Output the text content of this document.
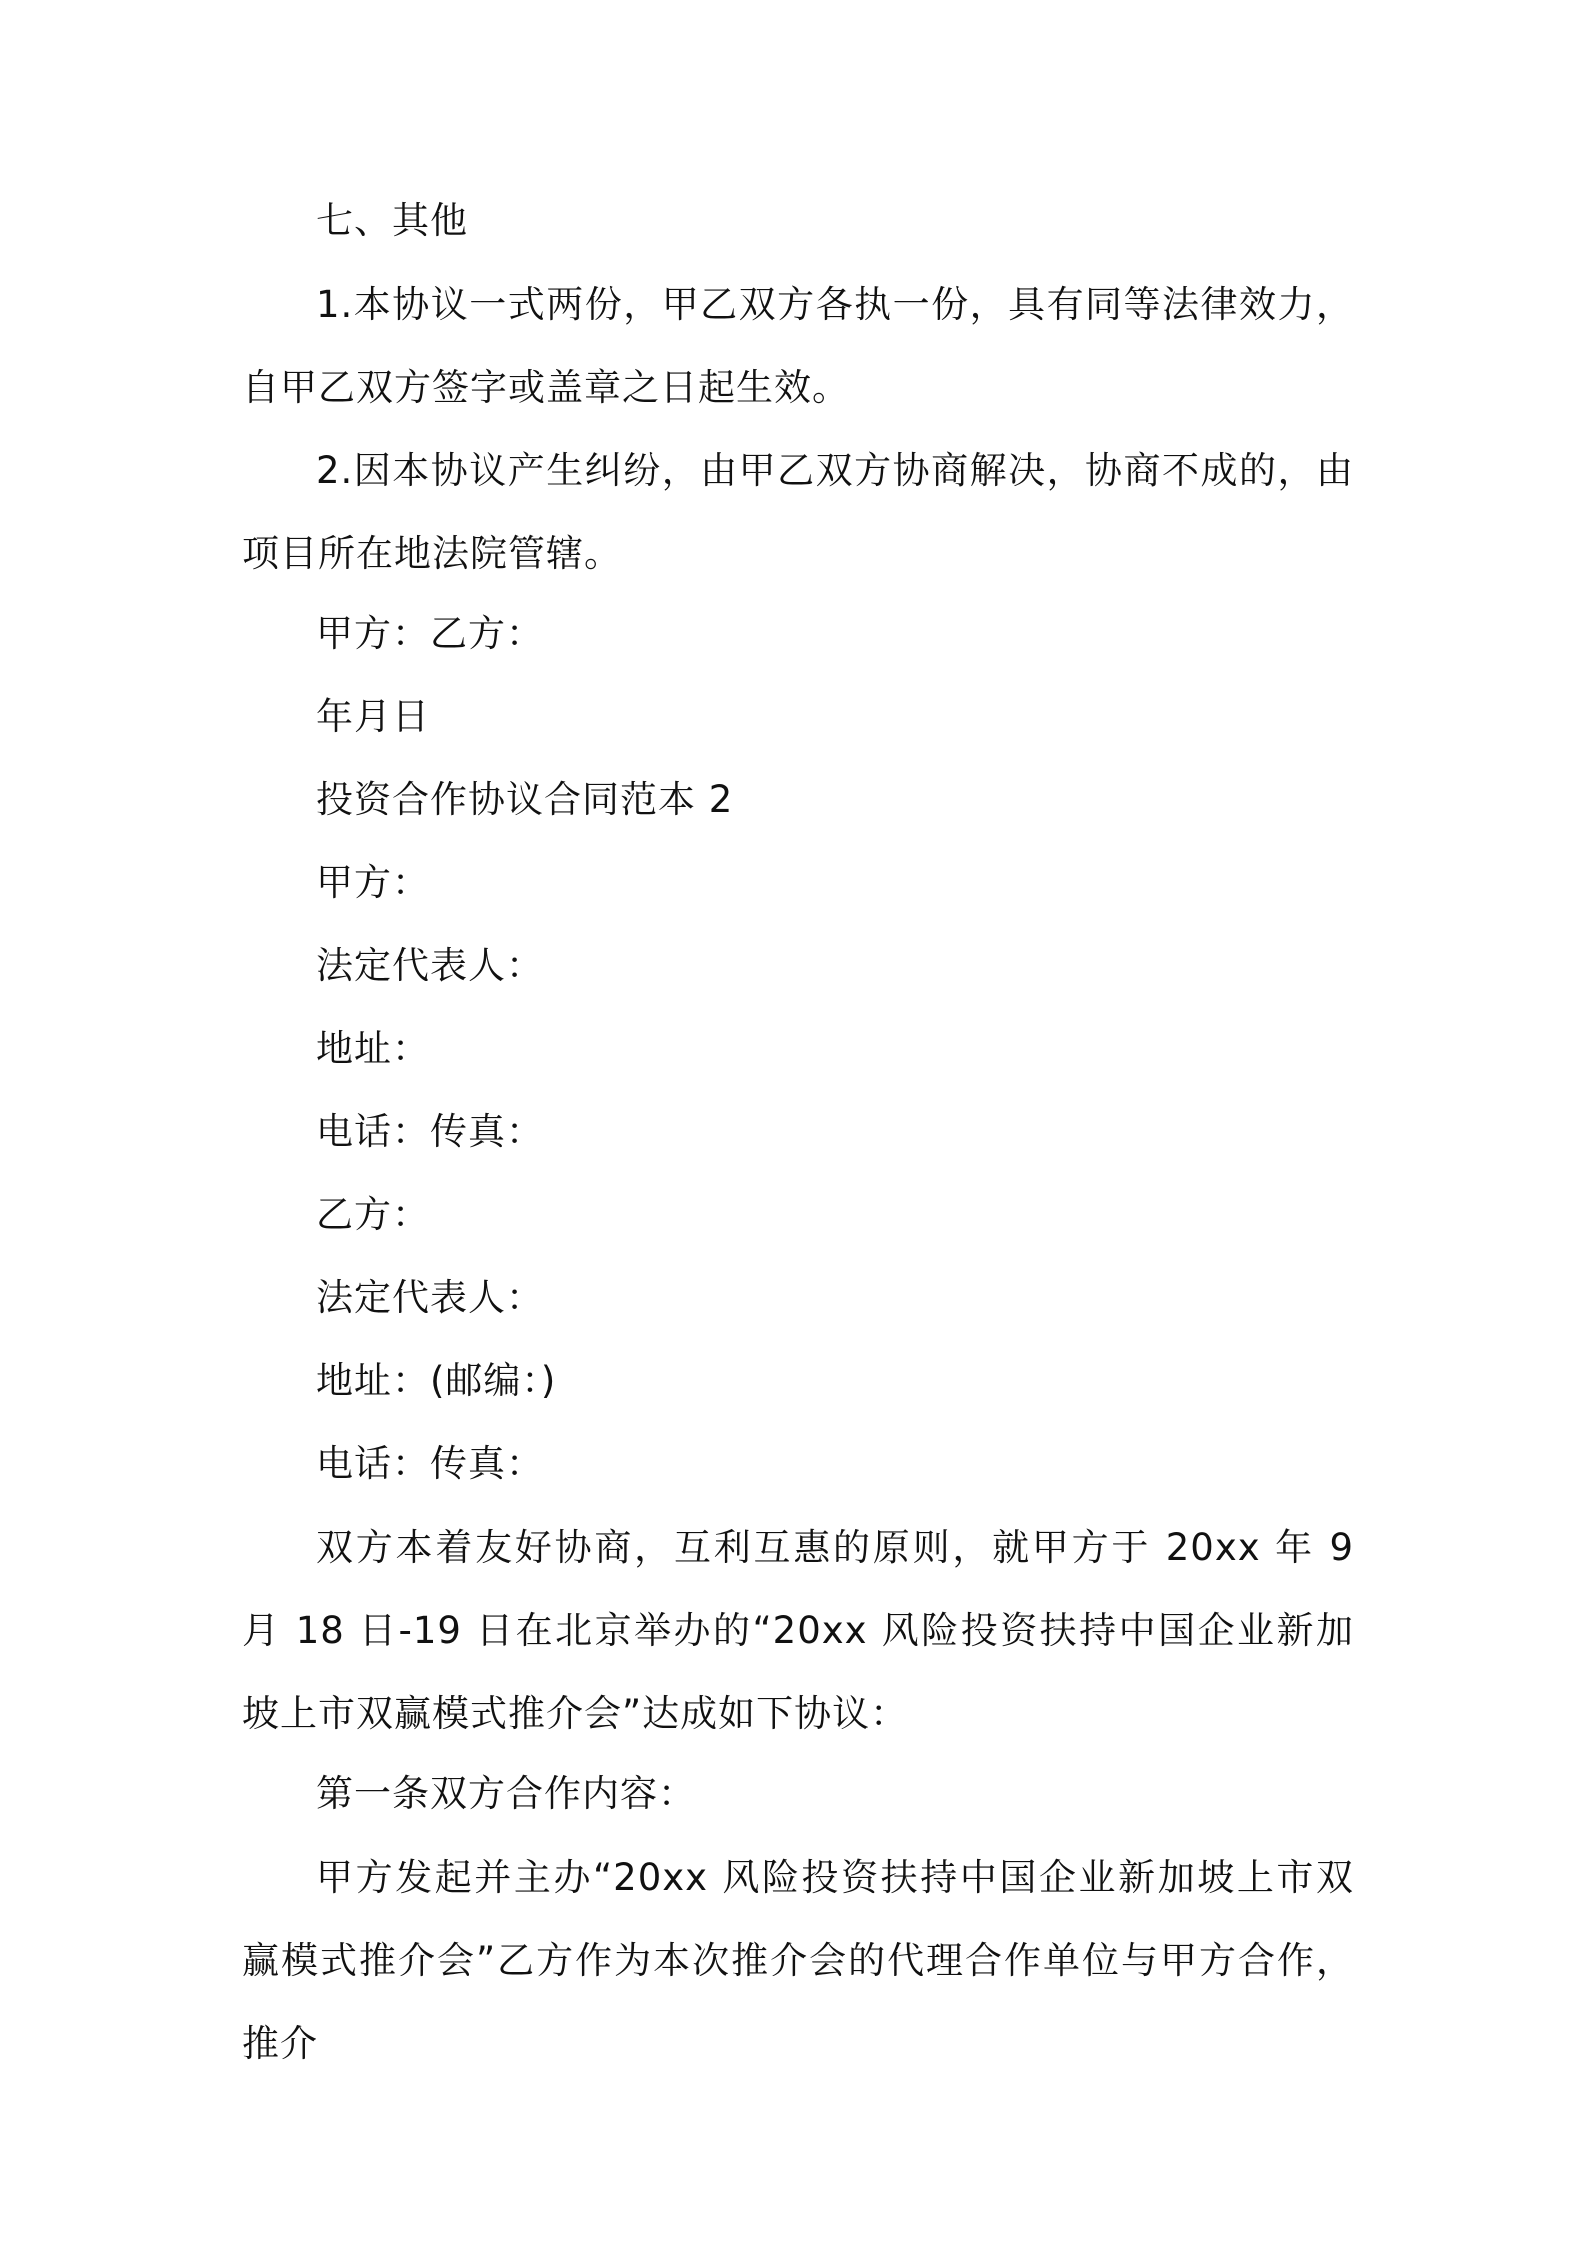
七、其他

1.本协议一式两份，甲乙双方各执一份，具有同等法律效力，自甲乙双方签字或盖章之日起生效。

2.因本协议产生纠纷，由甲乙双方协商解决，协商不成的，由项目所在地法院管辖。

甲方：乙方：
年月日
投资合作协议合同范本 2
甲方：
法定代表人：
地址：
电话：传真：
乙方：
法定代表人：
地址：(邮编：)
电话：传真：

双方本着友好协商，互利互惠的原则，就甲方于 20xx 年 9 月 18 日-19 日在北京举办的“20xx 风险投资扶持中国企业新加坡上市双赢模式推介会”达成如下协议：

第一条双方合作内容：

甲方发起并主办“20xx 风险投资扶持中国企业新加坡上市双赢模式推介会”乙方作为本次推介会的代理合作单位与甲方合作，推介
